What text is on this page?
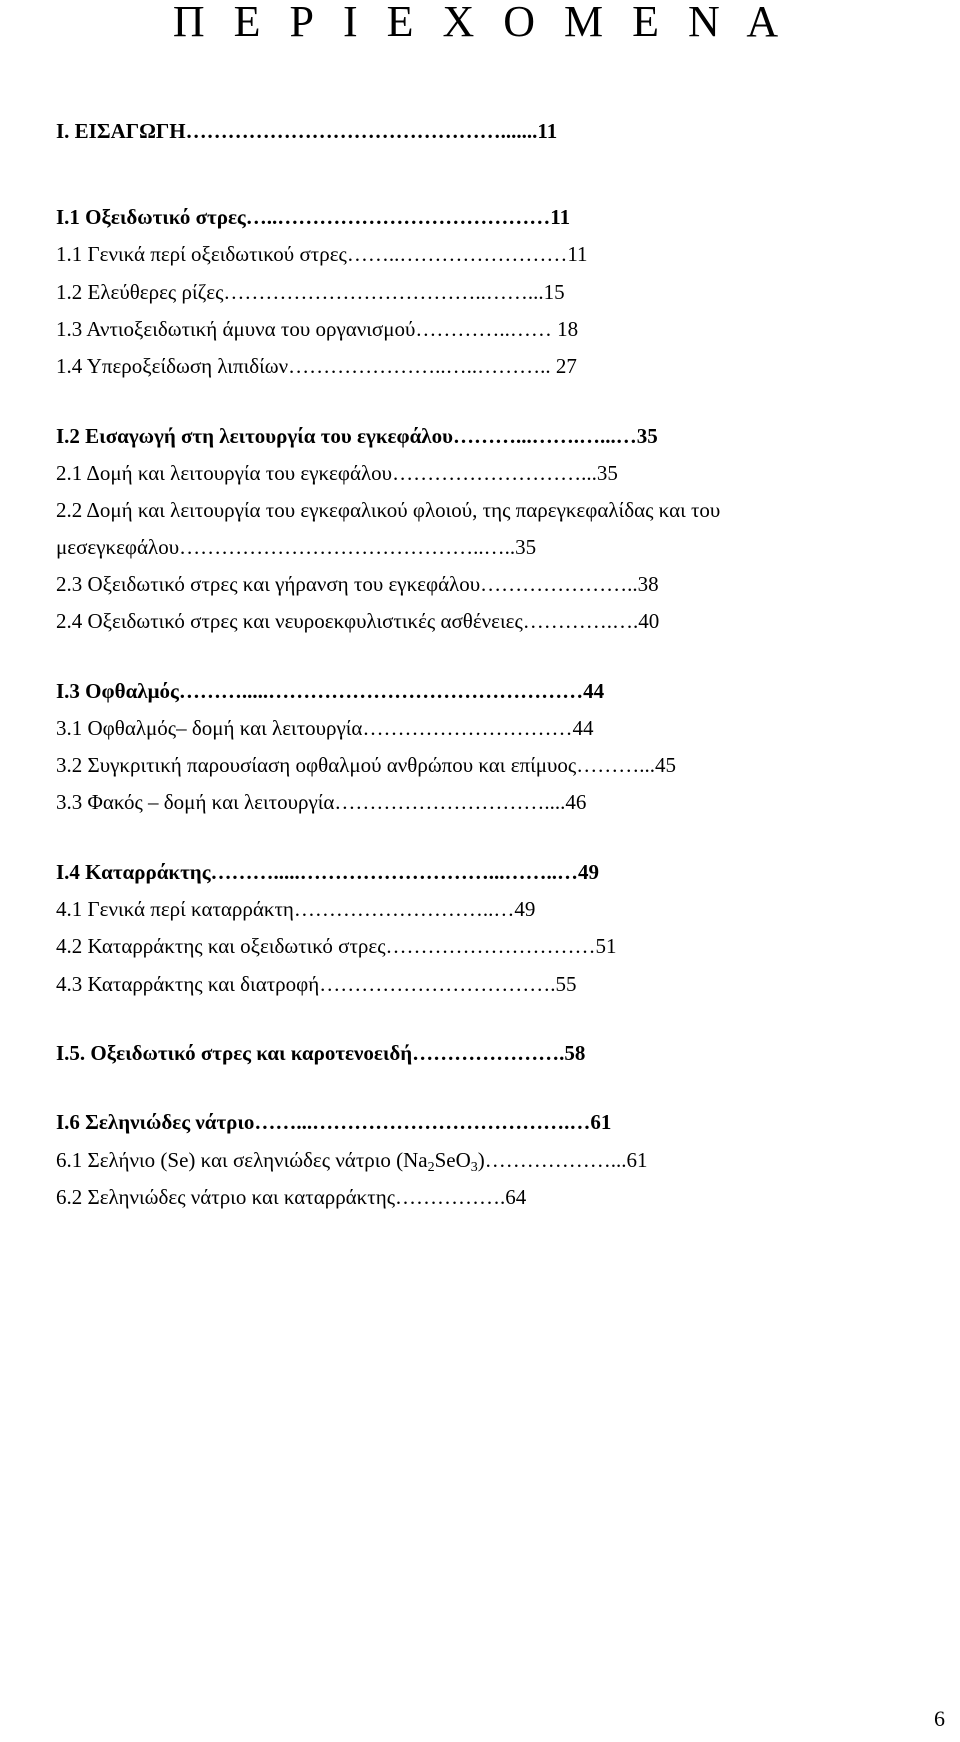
Π Ε Ρ Ι Ε Χ Ο Μ Ε Ν Α
Ι. ΕΙΣΑΓΩΓΗ……………………………………….......11
Ι.1 Οξειδωτικό στρες…..…………………………………11
1.1 Γενικά περί οξειδωτικού στρες……..……………………11
1.2 Ελεύθερες ρίζες………………………………..……...15
1.3 Αντιοξειδωτική άμυνα του οργανισμού…………..…… 18
1.4 Υπεροξείδωση λιπιδίων…………………..…..……….. 27
Ι.2 Εισαγωγή στη λειτουργία του εγκεφάλου………...…….…...…35
2.1 Δομή και λειτουργία του εγκεφάλου………………………...35
2.2 Δομή και λειτουργία του εγκεφαλικού φλοιού, της παρεγκεφαλίδας και του
μεσεγκεφάλου……………………………………..…..35
2.3 Οξειδωτικό στρες και γήρανση του εγκεφάλου…………………..38
2.4 Οξειδωτικό στρες και νευροεκφυλιστικές ασθένειες………….….40
Ι.3 Οφθαλμός……….....………………………………………44
3.1 Οφθαλμός– δομή και λειτουργία…………………………44
3.2 Συγκριτική παρουσίαση οφθαλμού ανθρώπου και επίμυος………...45
3.3 Φακός – δομή και λειτουργία…………………………....46
Ι.4 Καταρράκτης……….....………………………...……..…49
4.1 Γενικά περί καταρράκτη………………………..…49
4.2 Καταρράκτης και οξειδωτικό στρες…………………………51
4.3 Καταρράκτης και διατροφή…………………………….55
Ι.5. Οξειδωτικό στρες και καροτενοειδή………………….58
Ι.6 Σεληνιώδες νάτριο……...……………………………….…61
6.1 Σελήνιο (Se) και σεληνιώδες νάτριο $(Na_2SeO_3)\dots\dots\dots\dots\dots\dots...61$
6.2 Σεληνιώδες νάτριο και καταρράκτης…………….64
6
